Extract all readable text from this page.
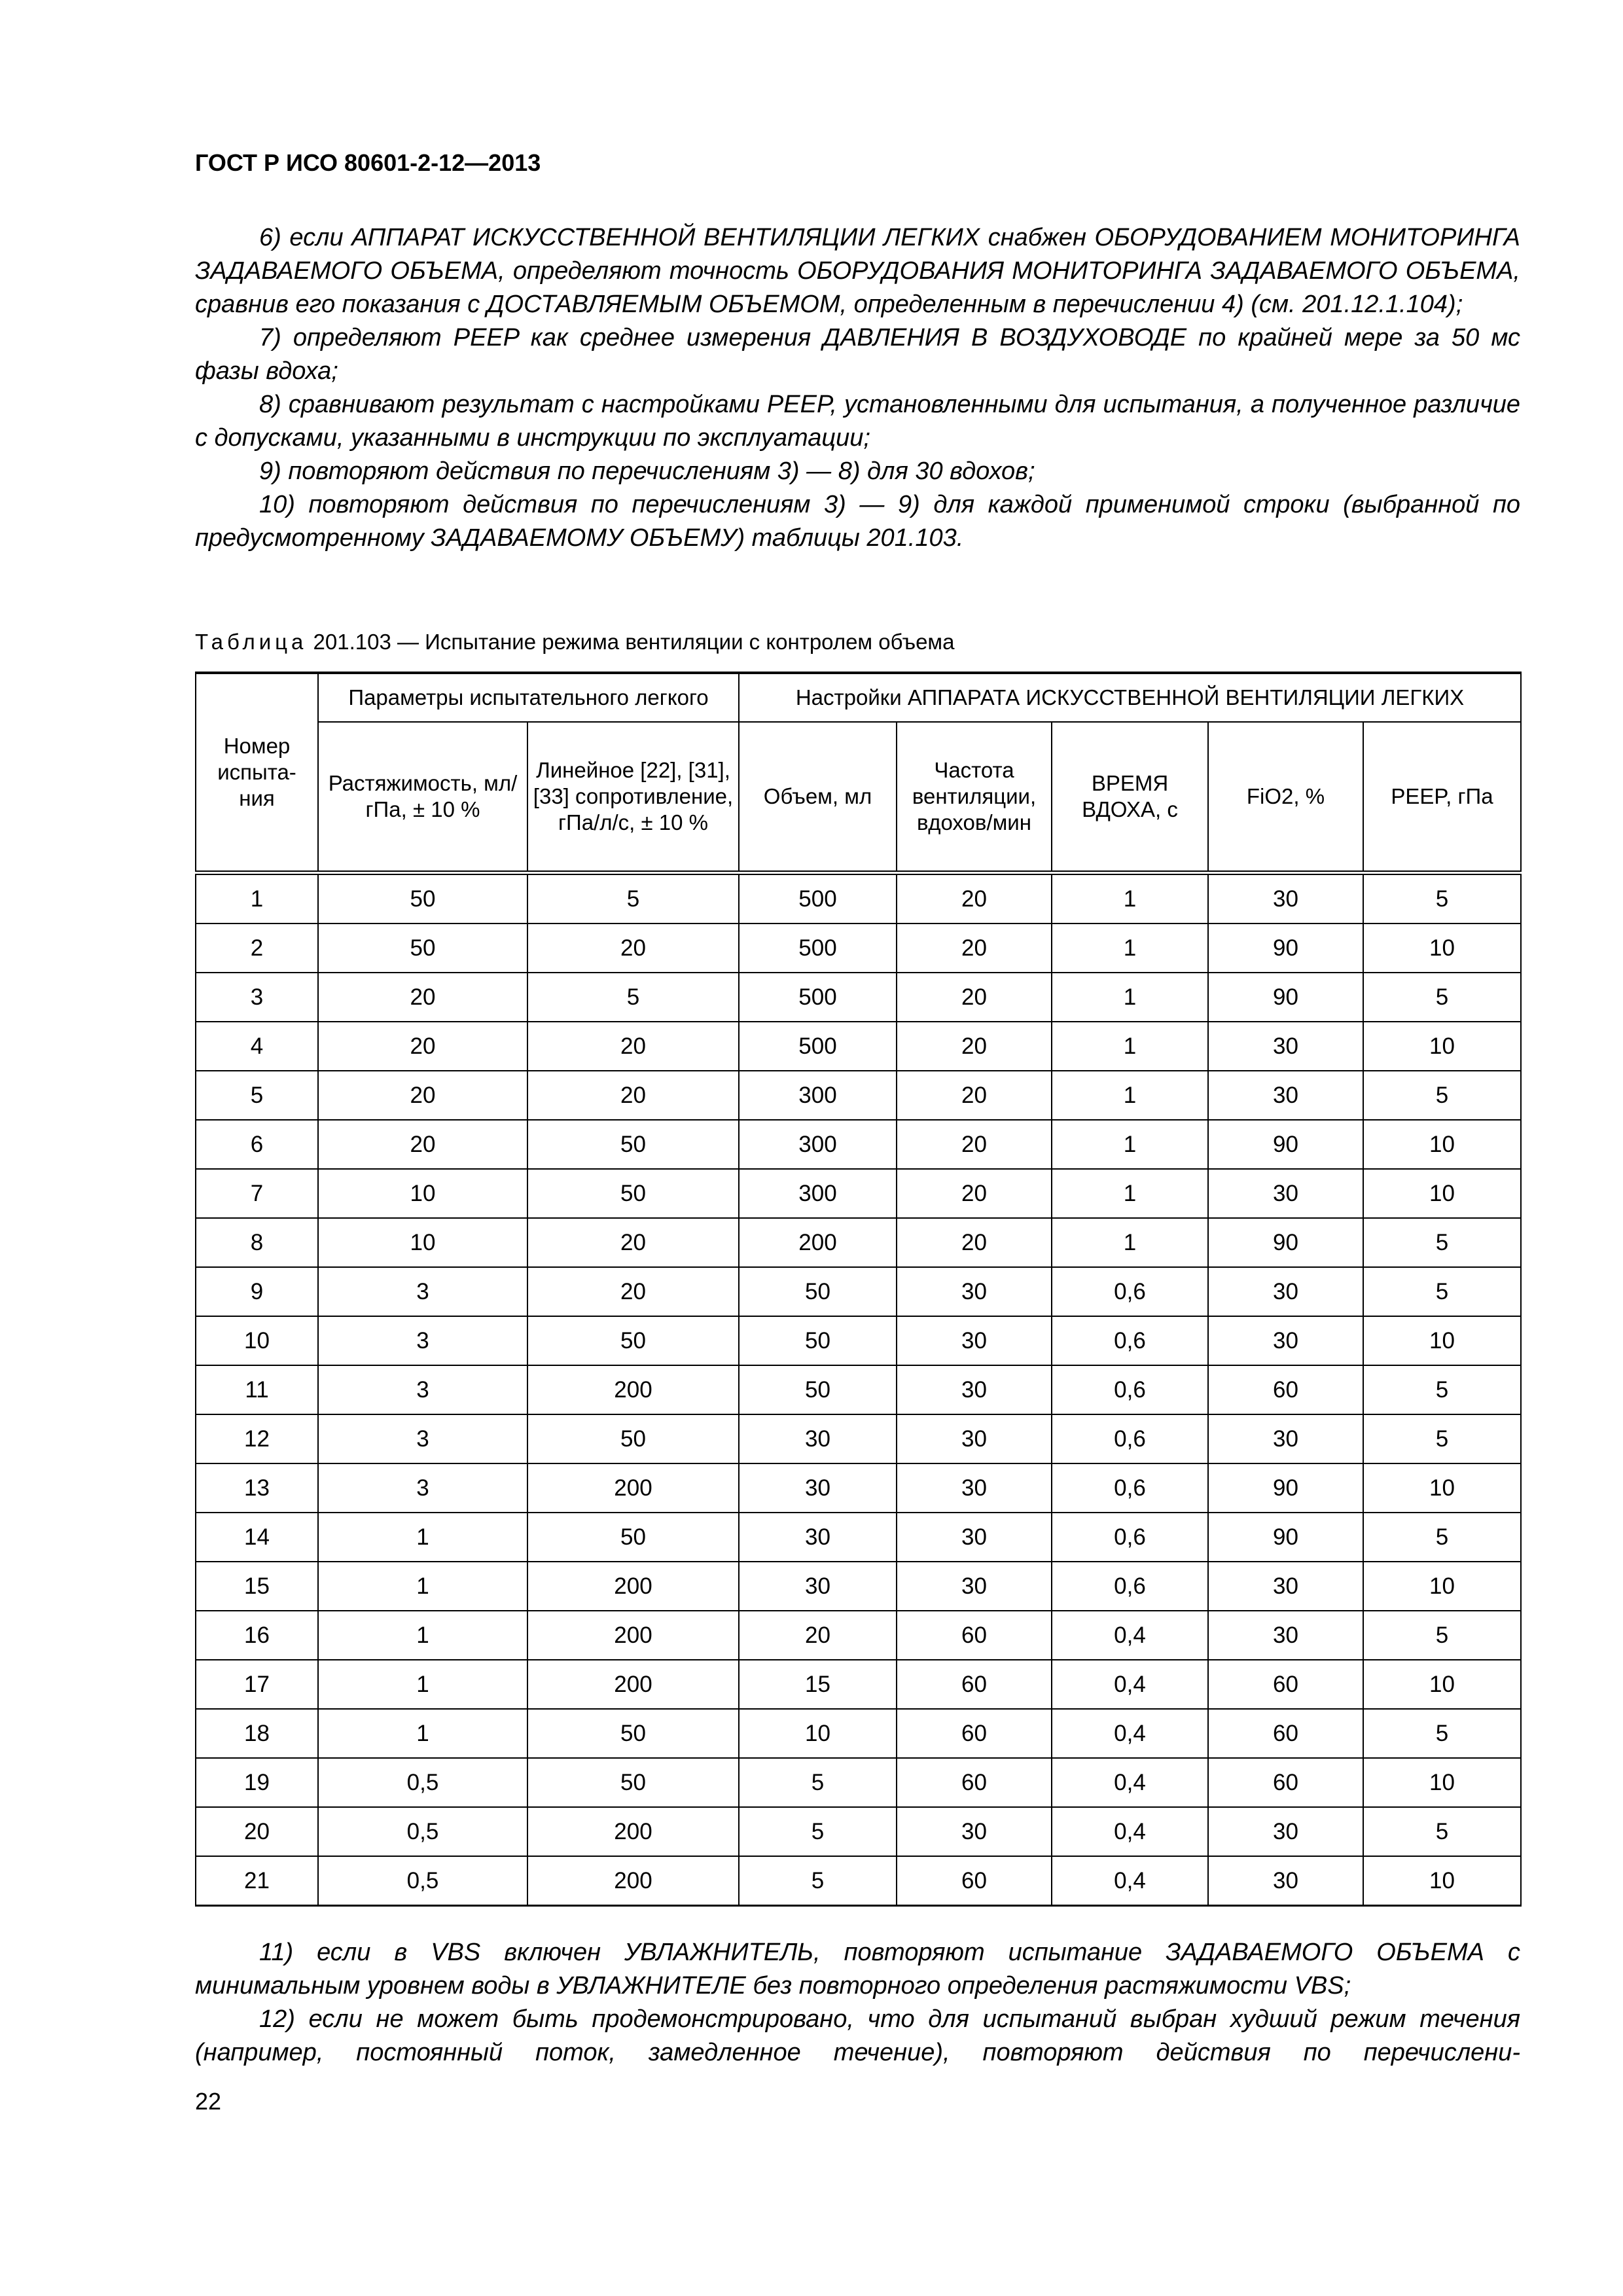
ГОСТ Р ИСО 80601-2-12—2013

6) если АППАРАТ ИСКУССТВЕННОЙ ВЕНТИЛЯЦИИ ЛЕГКИХ снабжен ОБОРУДОВАНИЕМ МОНИТОРИНГА ЗАДАВАЕМОГО ОБЪЕМА, определяют точность ОБОРУДОВАНИЯ МОНИТОРИНГА ЗАДАВАЕМОГО ОБЪЕМА, сравнив его показания с ДОСТАВЛЯЕМЫМ ОБЪЕМОМ, определенным в перечислении 4) (см. 201.12.1.104);

7) определяют PEEP как среднее измерения ДАВЛЕНИЯ В ВОЗДУХОВОДЕ по крайней мере за 50 мс фазы вдоха;

8) сравнивают результат с настройками PEEP, установленными для испытания, а полученное различие с допусками, указанными в инструкции по эксплуатации;

9) повторяют действия по перечислениям 3) — 8) для 30 вдохов;

10) повторяют действия по перечислениям 3) — 9) для каждой применимой строки (выбранной по предусмотренному ЗАДАВАЕМОМУ ОБЪЕМУ) таблицы 201.103.

Таблица 201.103 — Испытание режима вентиляции с контролем объема
Номер испыта-ния	Параметры испытательного легкого		Настройки АППАРАТА ИСКУССТВЕННОЙ ВЕНТИЛЯЦИИ ЛЕГКИХ				
	Растяжимость, мл/гПа, ± 10 %	Линейное [22], [31], [33] сопротивление, гПа/л/с, ± 10 %	Объем, мл	Частота вентиляции, вдохов/мин	ВРЕМЯ ВДОХА, с	FiO2, %	PEEP, гПа
1	50	5	500	20	1	30	5
2	50	20	500	20	1	90	10
3	20	5	500	20	1	90	5
4	20	20	500	20	1	30	10
5	20	20	300	20	1	30	5
6	20	50	300	20	1	90	10
7	10	50	300	20	1	30	10
8	10	20	200	20	1	90	5
9	3	20	50	30	0,6	30	5
10	3	50	50	30	0,6	30	10
11	3	200	50	30	0,6	60	5
12	3	50	30	30	0,6	30	5
13	3	200	30	30	0,6	90	10
14	1	50	30	30	0,6	90	5
15	1	200	30	30	0,6	30	10
16	1	200	20	60	0,4	30	5
17	1	200	15	60	0,4	60	10
18	1	50	10	60	0,4	60	5
19	0,5	50	5	60	0,4	60	10
20	0,5	200	5	30	0,4	30	5
21	0,5	200	5	60	0,4	30	10

11) если в VBS включен УВЛАЖНИТЕЛЬ, повторяют испытание ЗАДАВАЕМОГО ОБЪЕМА с минимальным уровнем воды в УВЛАЖНИТЕЛЕ без повторного определения растяжимости VBS;

12) если не может быть продемонстрировано, что для испытаний выбран худший режим течения (например, постоянный поток, замедленное течение), повторяют действия по перечислени-

22
